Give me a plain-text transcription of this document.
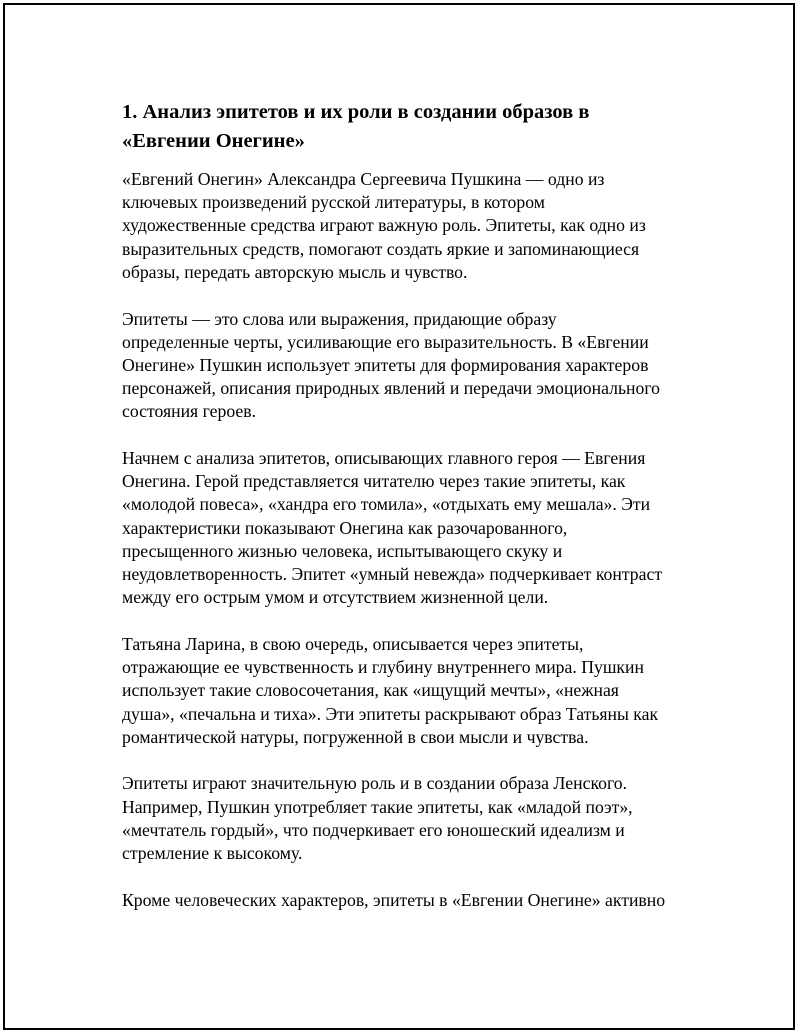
1. Анализ эпитетов и их роли в создании образов в
«Евгении Онегине»

«Евгений Онегин» Александра Сергеевича Пушкина — одно из
ключевых произведений русской литературы, в котором
художественные средства играют важную роль. Эпитеты, как одно из
выразительных средств, помогают создать яркие и запоминающиеся
образы, передать авторскую мысль и чувство.

Эпитеты — это слова или выражения, придающие образу
определенные черты, усиливающие его выразительность. В «Евгении
Онегине» Пушкин использует эпитеты для формирования характеров
персонажей, описания природных явлений и передачи эмоционального
состояния героев.

Начнем с анализа эпитетов, описывающих главного героя — Евгения
Онегина. Герой представляется читателю через такие эпитеты, как
«молодой повеса», «хандра его томила», «отдыхать ему мешала». Эти
характеристики показывают Онегина как разочарованного,
пресыщенного жизнью человека, испытывающего скуку и
неудовлетворенность. Эпитет «умный невежда» подчеркивает контраст
между его острым умом и отсутствием жизненной цели.

Татьяна Ларина, в свою очередь, описывается через эпитеты,
отражающие ее чувственность и глубину внутреннего мира. Пушкин
использует такие словосочетания, как «ищущий мечты», «нежная
душа», «печальна и тиха». Эти эпитеты раскрывают образ Татьяны как
романтической натуры, погруженной в свои мысли и чувства.

Эпитеты играют значительную роль и в создании образа Ленского.
Например, Пушкин употребляет такие эпитеты, как «младой поэт»,
«мечтатель гордый», что подчеркивает его юношеский идеализм и
стремление к высокому.

Кроме человеческих характеров, эпитеты в «Евгении Онегине» активно
